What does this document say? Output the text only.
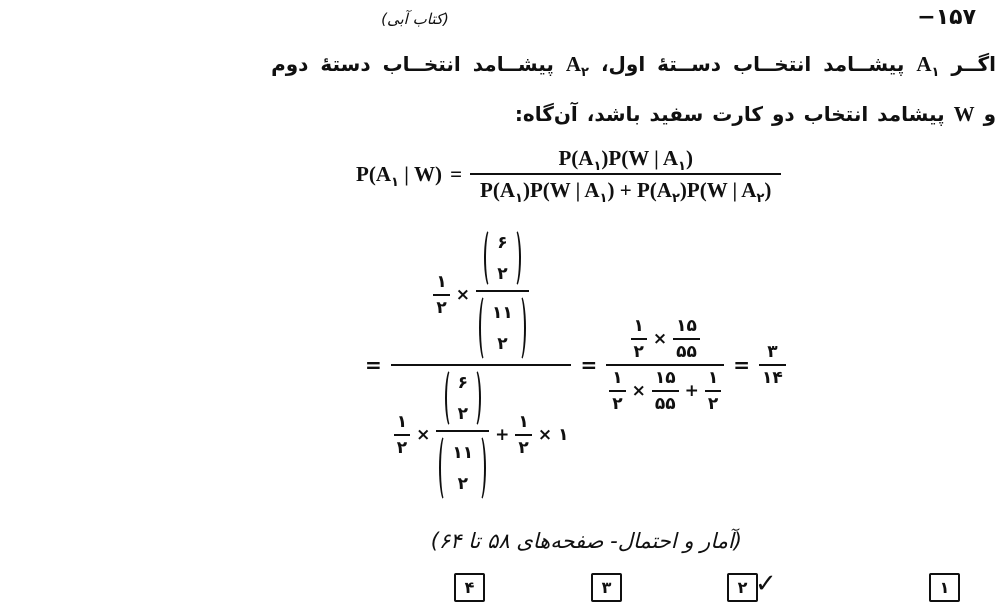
−۱۵۷
(کتاب آبی)
اگــر $A_۱$ پیشــامد انتخــاب دســتهٔ اول، $A_۲$ پیشــامد انتخــاب دستهٔ دوم
و W پیشامد انتخاب دو کارت سفید باشد، آن‌گاه:
$P(A_۱$ | W) =
$P(A_۱)P(W$ | $A_۱$)
$P(A_۱)P(W$ | $A_۱) + P(A_۲)P(W$ | $A_۲$)
=
$\frac{۱}{۲}$ × ۶
۲
۱۱
۲
$\frac{۱}{۲}$ × ۶
۲
۱۱
۲ + $\frac{۱}{۲}$ × ۱
=
$\frac{۱}{۲} \times \frac{۱۵}{۵۵}$
$\frac{۱}{۲} \times \frac{۱۵}{۵۵} + \frac{۱}{۲}$
= $\frac{۳}{۱۴}$
(آمار و احتمال- صفحه‌های ۵۸ تا ۶۴)
۱
۲ ✓
۳
۴
